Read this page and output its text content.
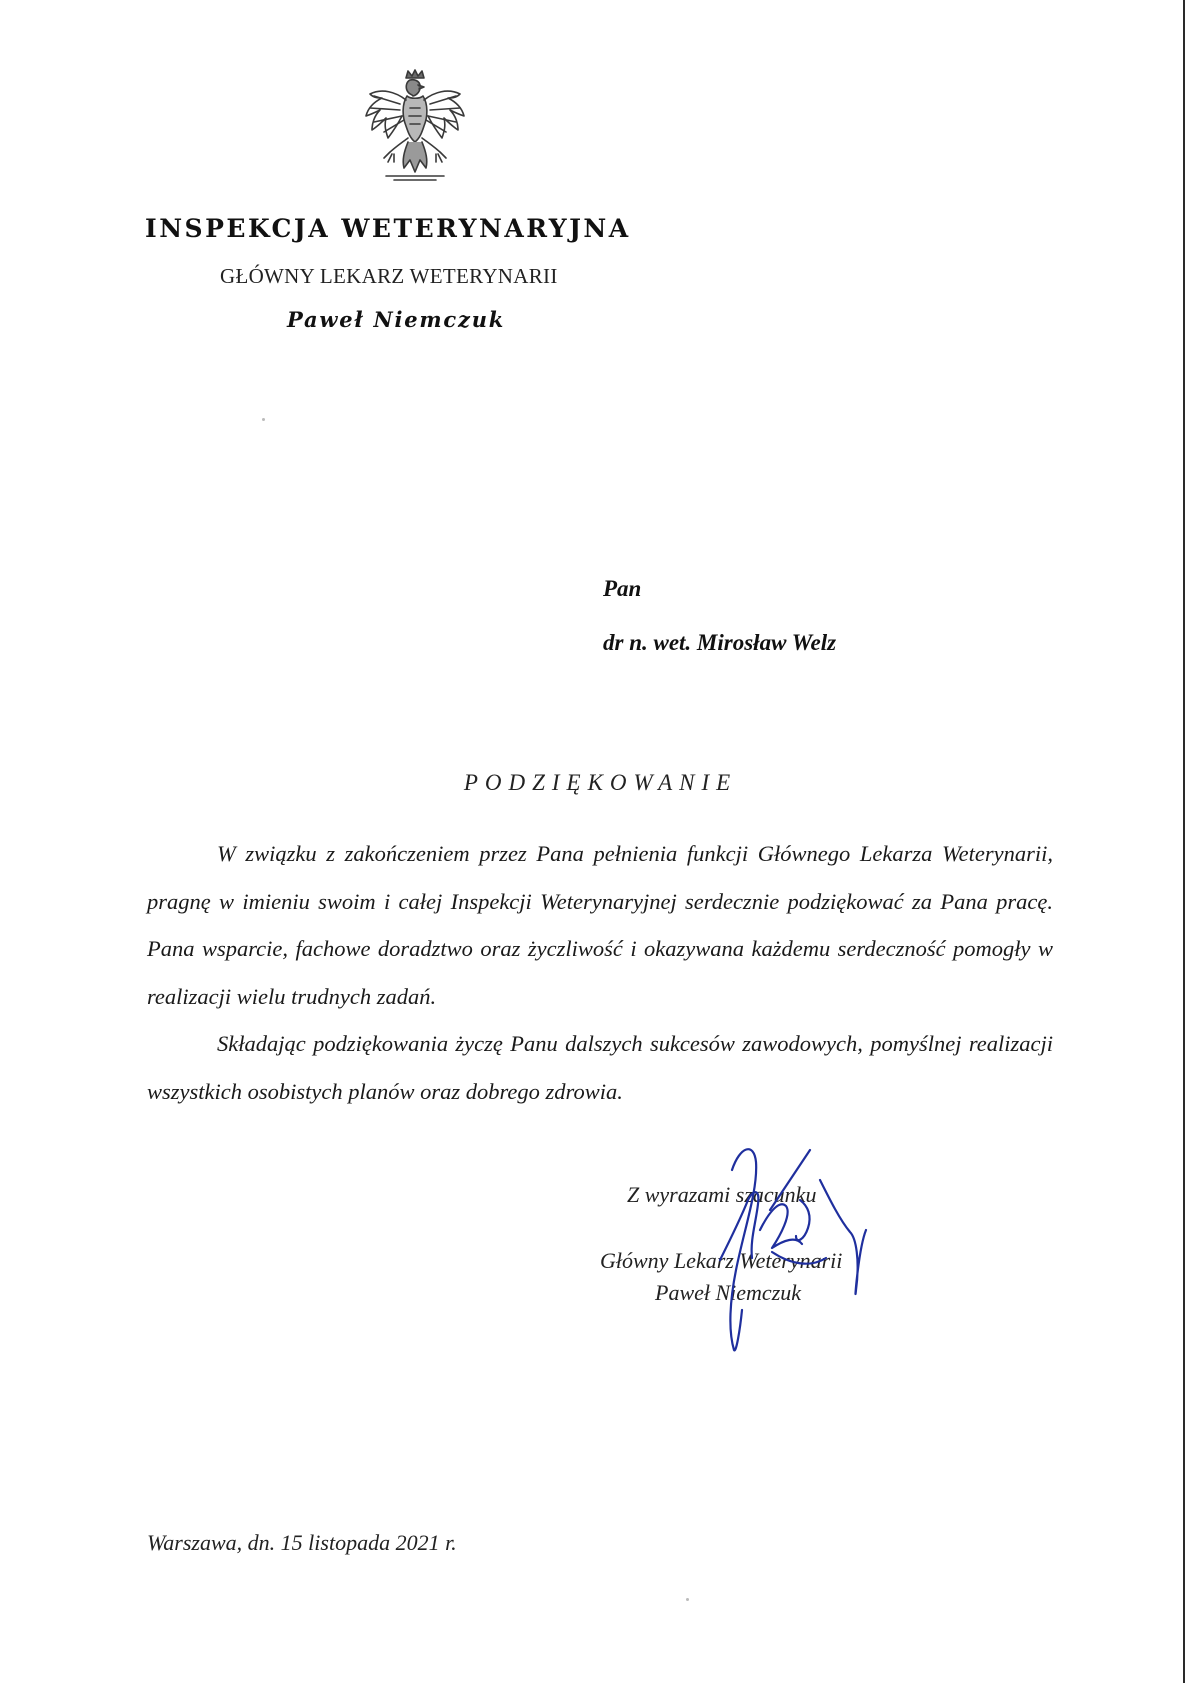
INSPEKCJA WETERYNARYJNA
GŁÓWNY LEKARZ WETERYNARII
Paweł Niemczuk
Pan
dr n. wet. Mirosław Welz
PODZIĘKOWANIE

W związku z zakończeniem przez Pana pełnienia funkcji Głównego Lekarza Weterynarii, pragnę w imieniu swoim i całej Inspekcji Weterynaryjnej serdecznie podziękować za Pana pracę. Pana wsparcie, fachowe doradztwo oraz życzliwość i okazywana każdemu serdeczność pomogły w realizacji wielu trudnych zadań.

Składając podziękowania życzę Panu dalszych sukcesów zawodowych, pomyślnej realizacji wszystkich osobistych planów oraz dobrego zdrowia.

Z wyrazami szacunku
Główny Lekarz Weterynarii
Paweł Niemczuk
Warszawa, dn. 15 listopada 2021 r.
